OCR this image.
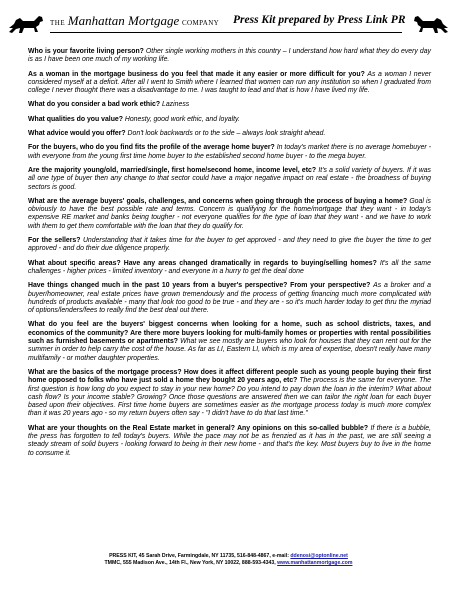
THE Manhattan Mortgage COMPANY Press Kit prepared by Press Link PR

Who is your favorite living person? Other single working mothers in this country – I understand how hard what they do every day is as I have been one much of my working life.

As a woman in the mortgage business do you feel that made it any easier or more difficult for you? As a woman I never considered myself at a deficit. After all I went to Smith where I learned that women can run any institution so when I graduated from college I never thought there was a disadvantage to me. I was taught to lead and that is how I have lived my life.

What do you consider a bad work ethic? Laziness

What qualities do you value? Honesty, good work ethic, and loyalty.

What advice would you offer? Don't look backwards or to the side – always look straight ahead.

For the buyers, who do you find fits the profile of the average home buyer? In today's market there is no average homebuyer - with everyone from the young first time home buyer to the established second home buyer - to the mega buyer.

Are the majority young/old, married/single, first home/second home, income level, etc? It's a solid variety of buyers. If it was all one type of buyer then any change to that sector could have a major negative impact on real estate - the broadness of buying sectors is good.

What are the average buyers' goals, challenges, and concerns when going through the process of buying a home? Goal is obviously to have the best possible rate and terms. Concern is qualifying for the home/mortgage that they want - in today's expensive RE market and banks being tougher - not everyone qualifies for the type of loan that they want - and we have to work with them to get them comfortable with the loan that they do qualify for.

For the sellers? Understanding that it takes time for the buyer to get approved - and they need to give the buyer the time to get approved - and do their due diligence properly.

What about specific areas? Have any areas changed dramatically in regards to buying/selling homes? It's all the same challenges - higher prices - limited inventory - and everyone in a hurry to get the deal done

Have things changed much in the past 10 years from a buyer's perspective? From your perspective? As a broker and a buyer/homeowner, real estate prices have grown tremendously and the process of getting financing much more complicated with hundreds of products available - many that look too good to be true - and they are - so it's much harder today to get thru the myriad of options/lenders/fees to really find the best deal out there.

What do you feel are the buyers' biggest concerns when looking for a home, such as school districts, taxes, and economics of the community? Are there more buyers looking for multi-family homes or properties with rental possibilities such as furnished basements or apartments? What we see mostly are buyers who look for houses that they can rent out for the summer in order to help carry the cost of the house. As far as LI, Eastern LI, which is my area of expertise, doesn't really have many multifamily - or mother daughter properties.

What are the basics of the mortgage process? How does it affect different people such as young people buying their first home opposed to folks who have just sold a home they bought 20 years ago, etc? The process is the same for everyone. The first question is how long do you expect to stay in your new home? Do you intend to pay down the loan in the interim? What about cash flow? Is your income stable? Growing? Once those questions are answered then we can tailor the right loan for each buyer based upon their objectives. First time home buyers are sometimes easier as the mortgage process today is much more complex than it was 20 years ago - so my return buyers often say - "I didn't have to do that last time."

What are your thoughts on the Real Estate market in general? Any opinions on this so-called bubble? If there is a bubble, the press has forgotten to tell today's buyers. While the pace may not be as frenzied as it has in the past, we are still seeing a steady stream of solid buyers - looking forward to being in their new home - and that's the key. Most buyers buy to live in the home to consume it.

PRESS KIT, 45 Sarah Drive, Farmingdale, NY 11735, 516-848-4867, e-mail: ddenosi@optonline.net
TMMC, 555 Madison Ave., 14th Fl., New York, NY 10022, 888-593-4343, www.manhattanmortgage.com
